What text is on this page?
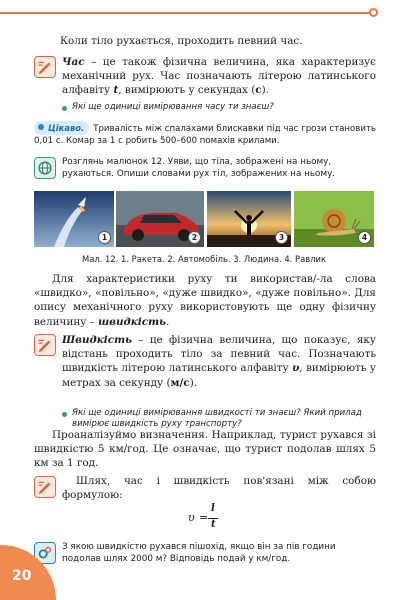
Коли тіло рухається, проходить певний час.
Час – це також фізична величина, яка характеризує механічний рух. Час позначають літерою латинського алфавіту t, вимірюють у секундах (с).
Які ще одиниці вимірювання часу ти знаєш?
Цікаво. Тривалість між спалахами блискавки під час грози становить 0,01 с. Комар за 1 с робить 500–600 помахів крилами.
Розглянь малюнок 12. Уяви, що тіла, зображені на ньому, рухаються. Опиши словами рух тіл, зображених на ньому.
1	2	3	4
Мал. 12. 1. Ракета. 2. Автомобіль. 3. Людина. 4. Равлик
Для характеристики руху ти використав/-ла слова «швидко», «повільно», «дуже швидко», «дуже повільно». Для опису механічного руху використовують ще одну фізичну величину – швидкість.
Швидкість – це фізична величина, що показує, яку відстань проходить тіло за певний час. Позначають швидкість літерою латинського алфавіту υ, вимірюють у метрах за секунду (м/с).
Які ще одиниці вимірювання швидкості ти знаєш? Який прилад вимірює швидкість руху транспорту?
Проаналізуймо визначення. Наприклад, турист рухався зі швидкістю 5 км/год. Це означає, що турист подолав шлях 5 км за 1 год.
Шлях, час і швидкість пов'язані між собою формулою:
υ =
l
t
З якою швидкістю рухався пішохід, якщо він за пів години подолав шлях 2000 м? Відповідь подай у км/год.
20
